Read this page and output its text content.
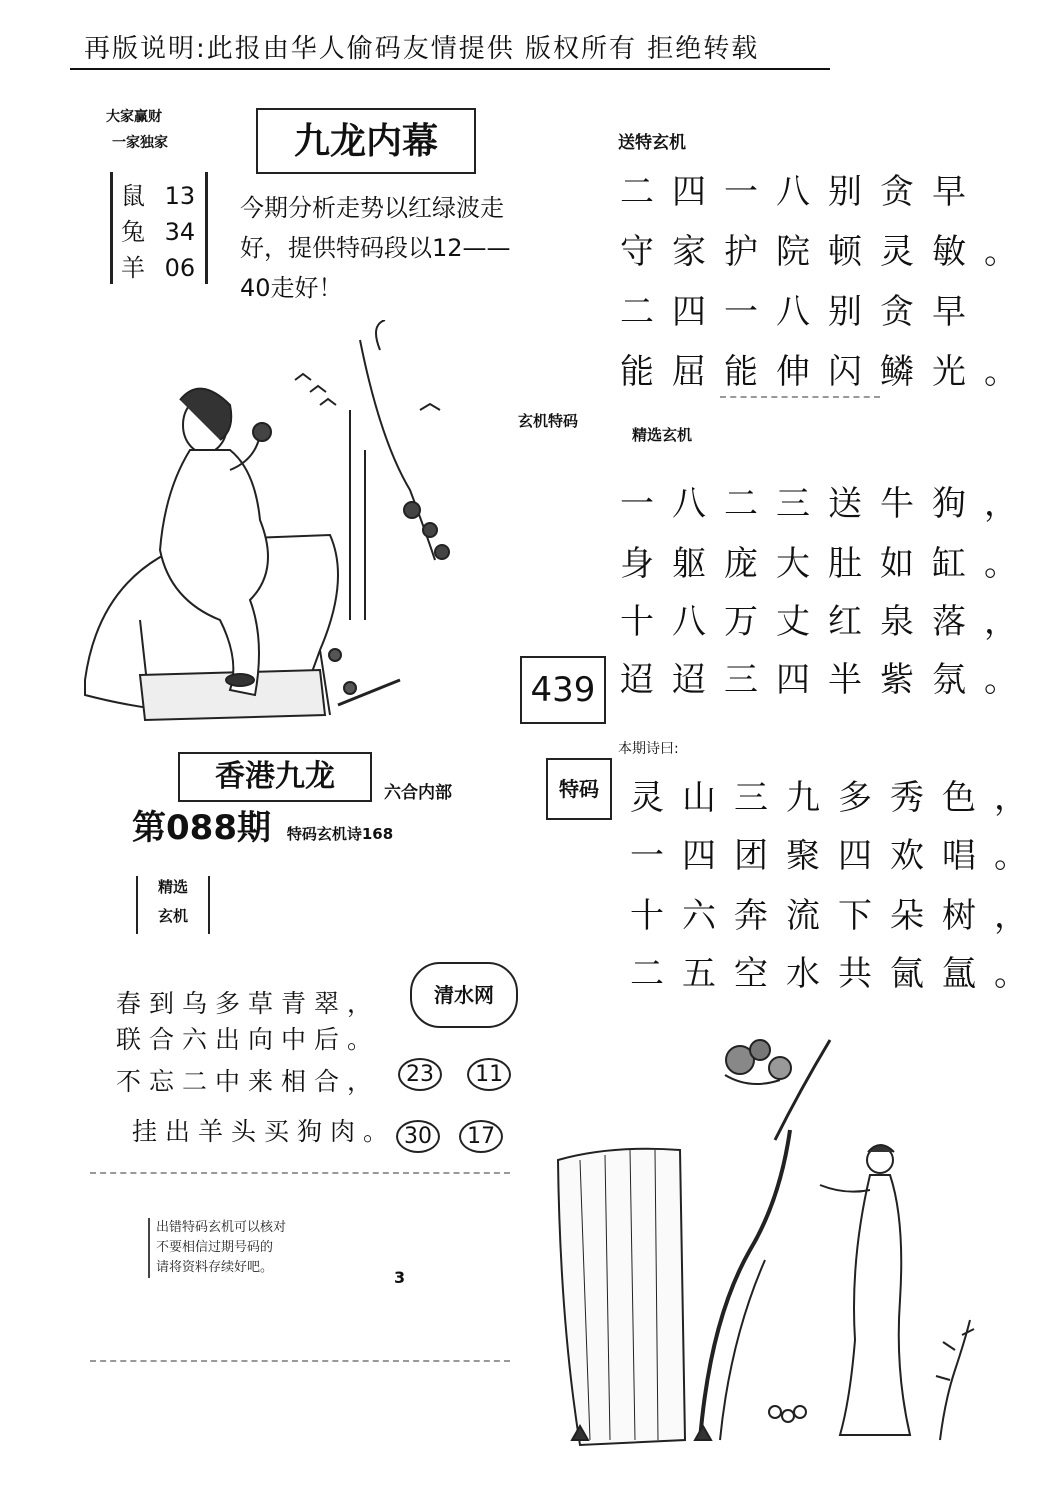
再版说明:此报由华人偷码友情提供 版权所有 拒绝转载
大家赢财
一家独家
鼠 13
兔 34
羊 06
九龙内幕
今期分析走势以红绿波走好，提供特码段以12——40走好！
送特玄机
二四一八别贪早
守家护院顿灵敏。
二四一八别贪早
能屈能伸闪鳞光。
玄机特码
精选玄机
一八二三送牛狗，
身躯庞大肚如缸。
十八万丈红泉落，
迢迢三四半紫氛。
439
香港九龙	六合内部
第088期 特码玄机诗168
本期诗曰:
特码 灵山三九多秀色，
一四团聚四欢唱。
十六奔流下朵树，
二五空水共氤氲。
精选
玄机
清水网
春到乌多草青翠，
联合六出向中后。
不忘二中来相合，
挂出羊头买狗肉。
23 11
30 17
出错特码玄机可以核对
不要相信过期号码的
请将资料存续好吧。
3
